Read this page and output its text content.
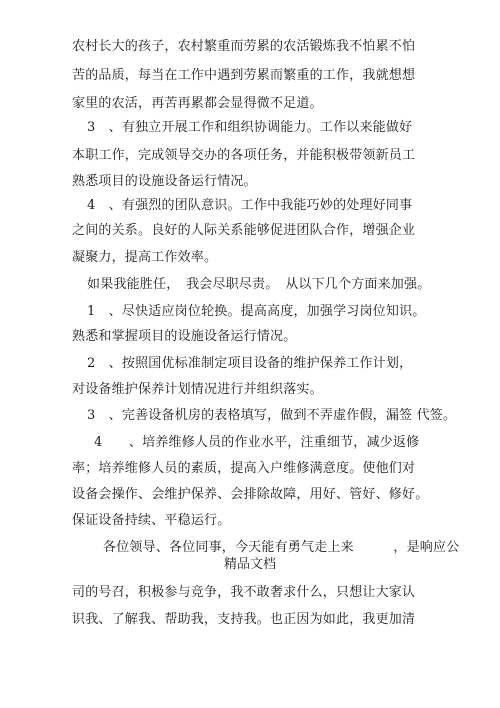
农村长大的孩子，农村繁重而劳累的农活锻炼我不怕累不怕
苦的品质，每当在工作中遇到劳累而繁重的工作，我就想想
家里的农活，再苦再累都会显得微不足道。
3　、有独立开展工作和组织协调能力。工作以来能做好
本职工作，完成领导交办的各项任务，并能积极带领新员工
熟悉项目的设施设备运行情况。
4　、有强烈的团队意识。工作中我能巧妙的处理好同事
之间的关系。良好的人际关系能够促进团队合作，增强企业
凝聚力，提高工作效率。
如果我能胜任，　我会尽职尽责。　从以下几个方面来加强。
1　、尽快适应岗位轮换。提高高度，加强学习岗位知识。
熟悉和掌握项目的设施设备运行情况。
2　、按照国优标准制定项目设备的维护保养工作计划，
对设备维护保养计划情况进行并组织落实。
3　、完善设备机房的表格填写，做到不弄虚作假，漏签 代签。
4　　、培养维修人员的作业水平，注重细节，减少返修
率；培养维修人员的素质，提高入户维修满意度。使他们对
设备会操作、会维护保养、会排除故障，用好、管好、修好。
保证设备持续、平稳运行。
各位领导、各位同事，今天能有勇气走上来　　　，是响应公
精品文档
司的号召，积极参与竞争，我不敢奢求什么，只想让大家认
识我、了解我、帮助我，支持我。也正因为如此，我更加清
